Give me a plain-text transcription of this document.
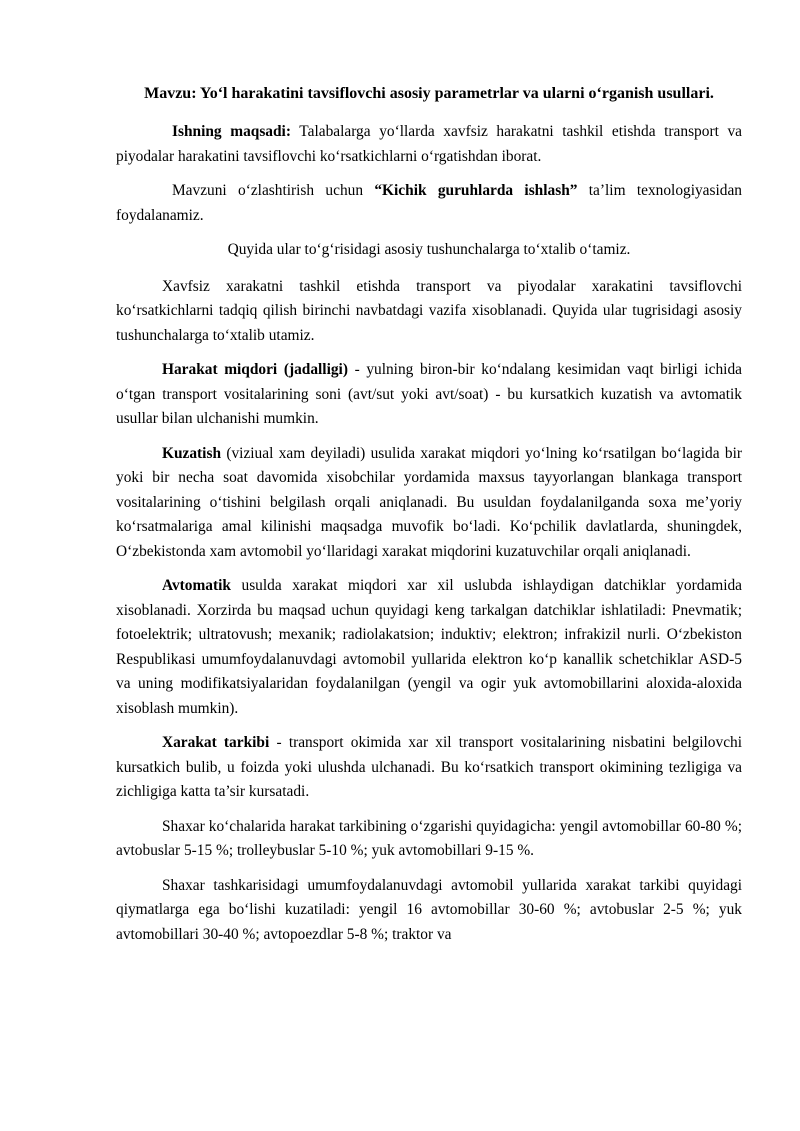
Mavzu: Yo‘l harakatini tavsiflovchi asosiy parametrlar va ularni o‘rganish usullari.

Ishning maqsadi: Talabalarga yo‘llarda xavfsiz harakatni tashkil etishda transport va piyodalar harakatini tavsiflovchi ko‘rsatkichlarni o‘rgatishdan iborat.

Mavzuni o‘zlashtirish uchun “Kichik guruhlarda ishlash” ta’lim texnologiyasidan foydalanamiz.

Quyida ular to‘g‘risidagi asosiy tushunchalarga to‘xtalib o‘tamiz.

Xavfsiz xarakatni tashkil etishda transport va piyodalar xarakatini tavsiflovchi ko‘rsatkichlarni tadqiq qilish birinchi navbatdagi vazifa xisoblanadi. Quyida ular tugrisidagi asosiy tushunchalarga to‘xtalib utamiz.

Harakat miqdori (jadalligi) - yulning biron-bir ko‘ndalang kesimidan vaqt birligi ichida o‘tgan transport vositalarining soni (avt/sut yoki avt/soat) - bu kursatkich kuzatish va avtomatik usullar bilan ulchanishi mumkin.

Kuzatish (viziual xam deyiladi) usulida xarakat miqdori yo‘lning ko‘rsatilgan bo‘lagida bir yoki bir necha soat davomida xisobchilar yordamida maxsus tayyorlangan blankaga transport vositalarining o‘tishini belgilash orqali aniqlanadi. Bu usuldan foydalanilganda soxa me’yoriy ko‘rsatmalariga amal kilinishi maqsadga muvofik bo‘ladi. Ko‘pchilik davlatlarda, shuningdek, O‘zbekistonda xam avtomobil yo‘llaridagi xarakat miqdorini kuzatuvchilar orqali aniqlanadi.

Avtomatik usulda xarakat miqdori xar xil uslubda ishlaydigan datchiklar yordamida xisoblanadi. Xorzirda bu maqsad uchun quyidagi keng tarkalgan datchiklar ishlatiladi: Pnevmatik; fotoelektrik; ultratovush; mexanik; radiolakatsion; induktiv; elektron; infrakizil nurli. O‘zbekiston Respublikasi umumfoydalanuvdagi avtomobil yullarida elektron ko‘p kanallik schetchiklar ASD-5 va uning modifikatsiyalaridan foydalanilgan (yengil va ogir yuk avtomobillarini aloxida-aloxida xisoblash mumkin).

Xarakat tarkibi - transport okimida xar xil transport vositalarining nisbatini belgilovchi kursatkich bulib, u foizda yoki ulushda ulchanadi. Bu ko‘rsatkich transport okimining tezligiga va zichligiga katta ta’sir kursatadi.

Shaxar ko‘chalarida harakat tarkibining o‘zgarishi quyidagicha: yengil avtomobillar 60-80 %; avtobuslar 5-15 %; trolleybuslar 5-10 %; yuk avtomobillari 9-15 %.

Shaxar tashkarisidagi umumfoydalanuvdagi avtomobil yullarida xarakat tarkibi quyidagi qiymatlarga ega bo‘lishi kuzatiladi: yengil 16 avtomobillar 30-60 %; avtobuslar 2-5 %; yuk avtomobillari 30-40 %; avtopoezdlar 5-8 %; traktor va
